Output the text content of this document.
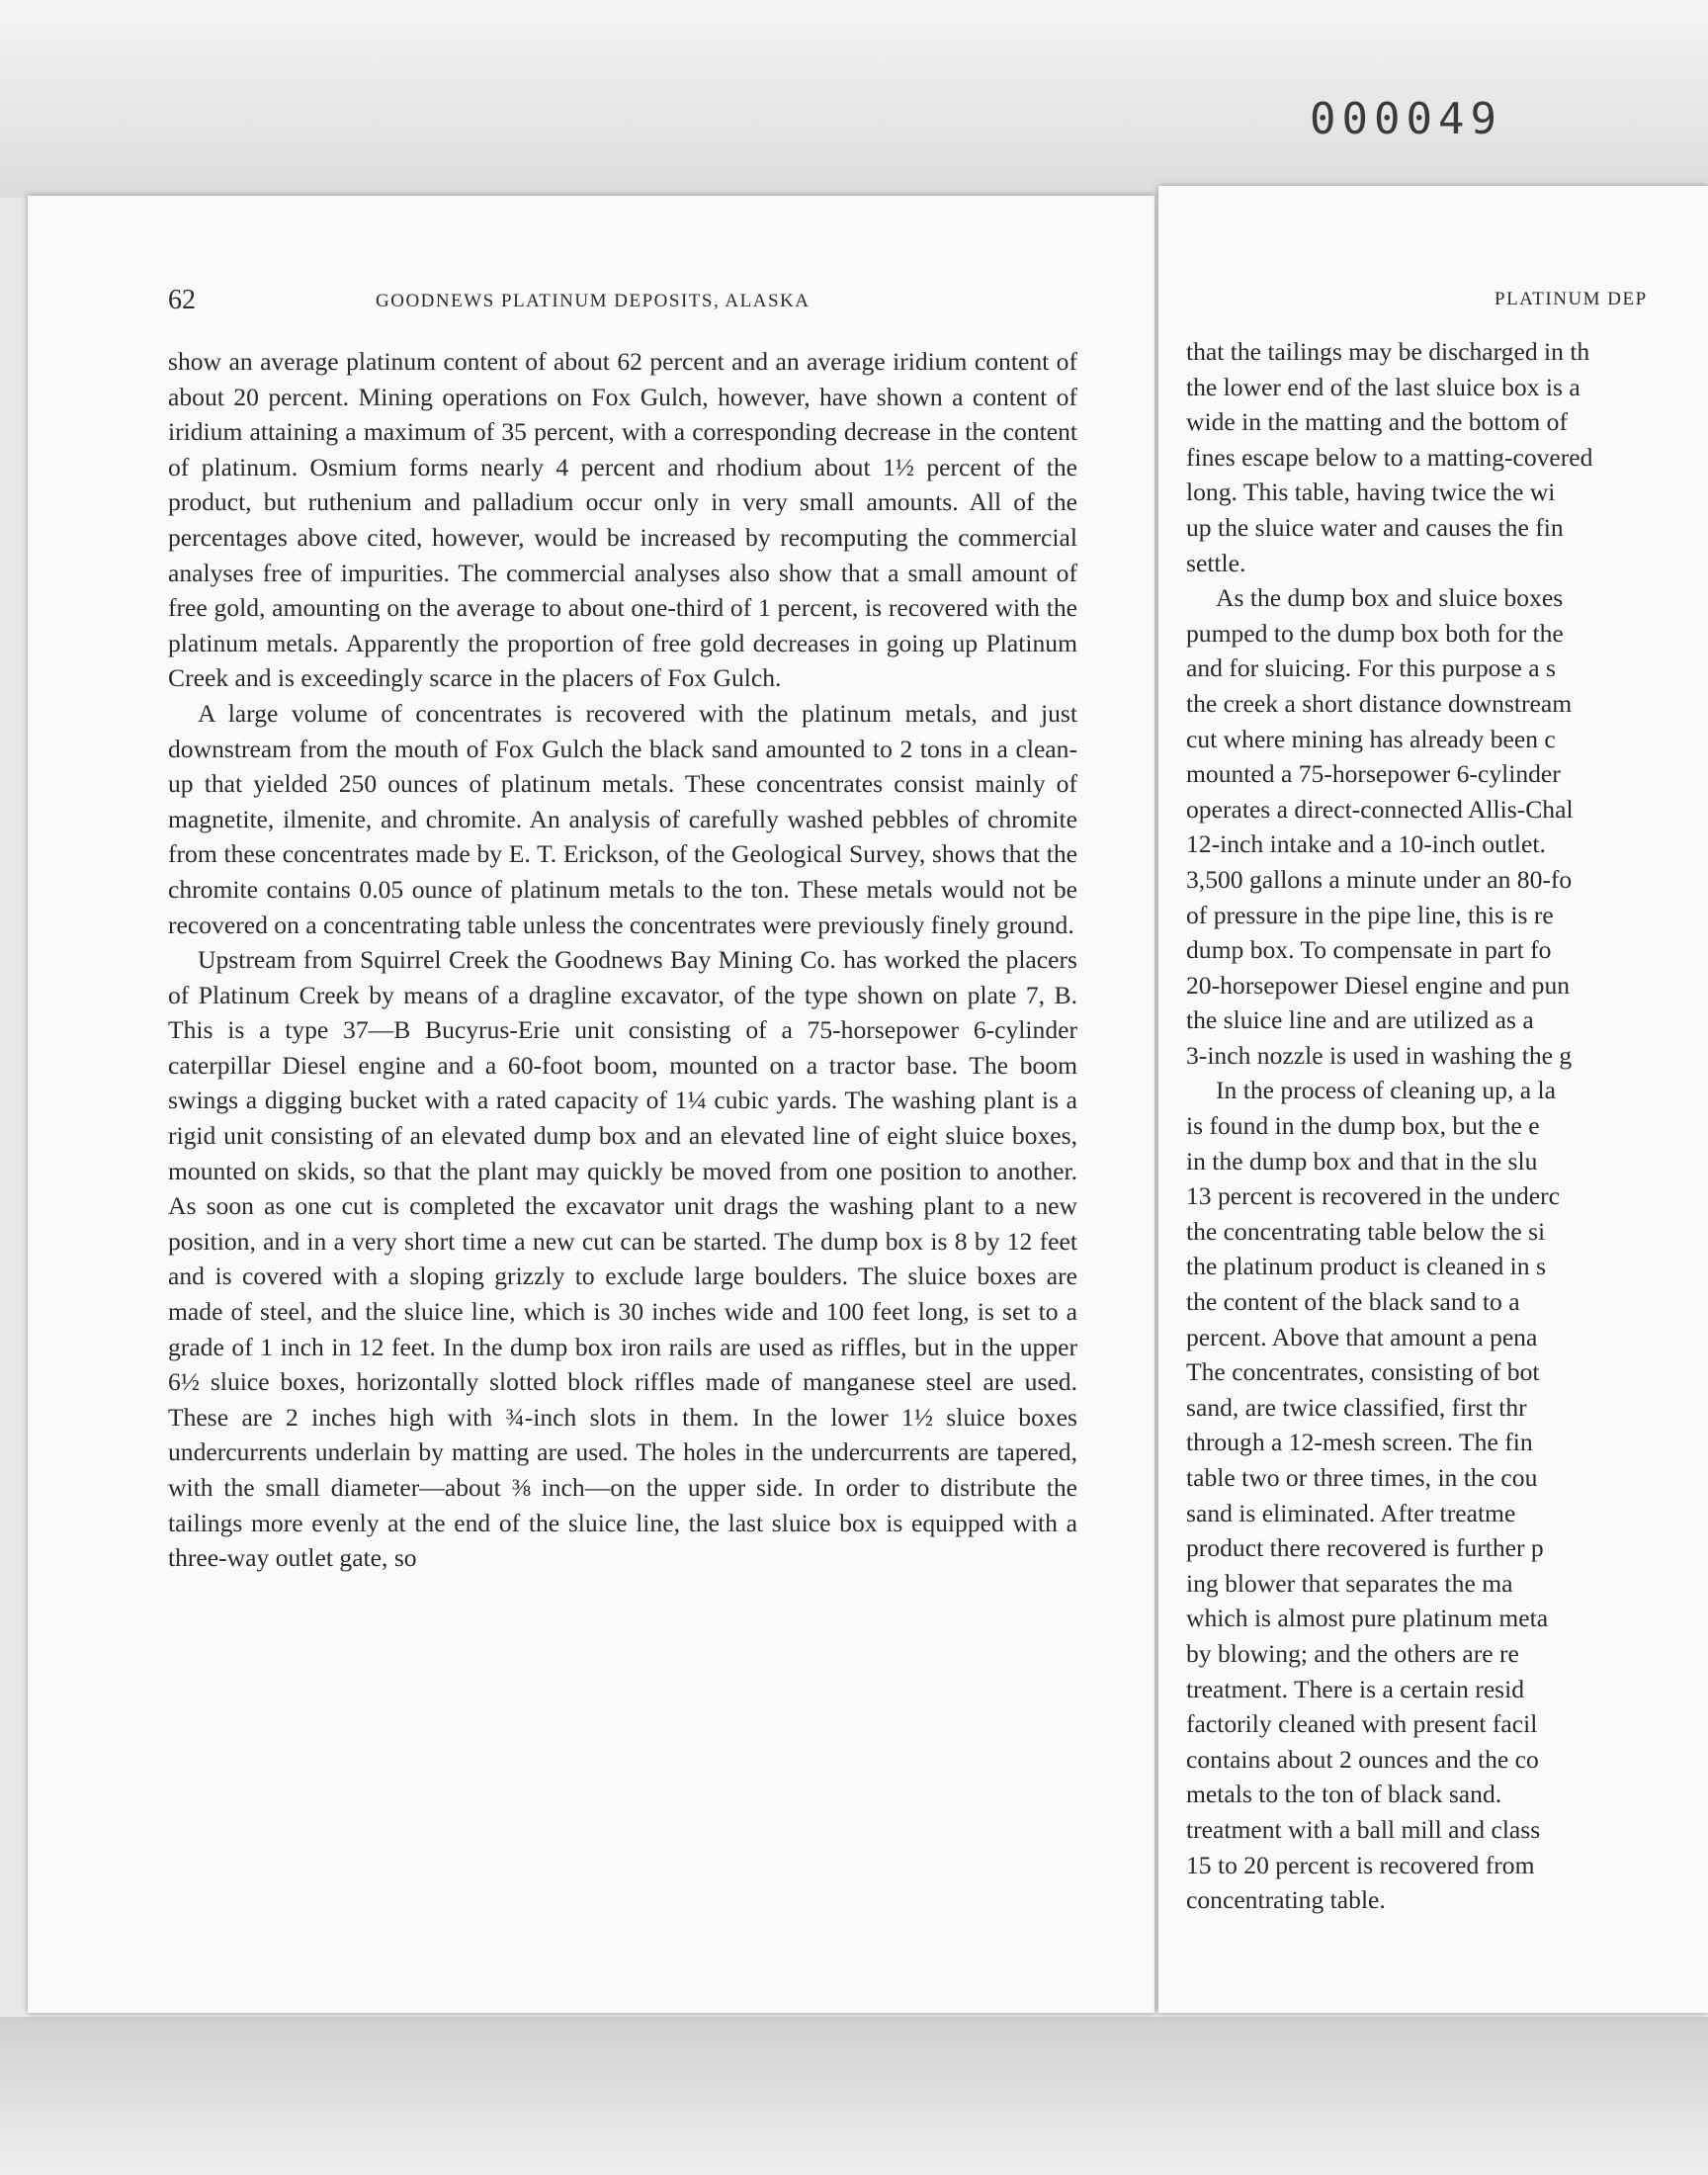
000049
62	GOODNEWS PLATINUM DEPOSITS, ALASKA

show an average platinum content of about 62 percent and an average iridium content of about 20 percent. Mining operations on Fox Gulch, however, have shown a content of iridium attaining a maximum of 35 percent, with a corresponding decrease in the content of platinum. Osmium forms nearly 4 percent and rhodium about 1½ percent of the product, but ruthenium and palladium occur only in very small amounts. All of the percentages above cited, however, would be increased by recomputing the commercial analyses free of impurities. The commercial analyses also show that a small amount of free gold, amounting on the average to about one-third of 1 percent, is recovered with the platinum metals. Apparently the proportion of free gold decreases in going up Platinum Creek and is exceedingly scarce in the placers of Fox Gulch.

A large volume of concentrates is recovered with the platinum metals, and just downstream from the mouth of Fox Gulch the black sand amounted to 2 tons in a clean-up that yielded 250 ounces of platinum metals. These concentrates consist mainly of magnetite, ilmenite, and chromite. An analysis of carefully washed pebbles of chromite from these concentrates made by E. T. Erickson, of the Geological Survey, shows that the chromite contains 0.05 ounce of platinum metals to the ton. These metals would not be recovered on a concentrating table unless the concentrates were previously finely ground.

Upstream from Squirrel Creek the Goodnews Bay Mining Co. has worked the placers of Platinum Creek by means of a dragline excavator, of the type shown on plate 7, B. This is a type 37—B Bucyrus-Erie unit consisting of a 75-horsepower 6-cylinder caterpillar Diesel engine and a 60-foot boom, mounted on a tractor base. The boom swings a digging bucket with a rated capacity of 1¼ cubic yards. The washing plant is a rigid unit consisting of an elevated dump box and an elevated line of eight sluice boxes, mounted on skids, so that the plant may quickly be moved from one position to another. As soon as one cut is completed the excavator unit drags the washing plant to a new position, and in a very short time a new cut can be started. The dump box is 8 by 12 feet and is covered with a sloping grizzly to exclude large boulders. The sluice boxes are made of steel, and the sluice line, which is 30 inches wide and 100 feet long, is set to a grade of 1 inch in 12 feet. In the dump box iron rails are used as riffles, but in the upper 6½ sluice boxes, horizontally slotted block riffles made of manganese steel are used. These are 2 inches high with ¾-inch slots in them. In the lower 1½ sluice boxes undercurrents underlain by matting are used. The holes in the undercurrents are tapered, with the small diameter—about ⅜ inch—on the upper side. In order to distribute the tailings more evenly at the end of the sluice line, the last sluice box is equipped with a three-way outlet gate, so

PLATINUM DEP
that the tailings may be discharged in th
the lower end of the last sluice box is a
wide in the matting and the bottom of
fines escape below to a matting-covered
long. This table, having twice the wi
up the sluice water and causes the fin
settle.
As the dump box and sluice boxes
pumped to the dump box both for the
and for sluicing. For this purpose a s
the creek a short distance downstream
cut where mining has already been c
mounted a 75-horsepower 6-cylinder
operates a direct-connected Allis-Chal
12-inch intake and a 10-inch outlet.
3,500 gallons a minute under an 80-fo
of pressure in the pipe line, this is re
dump box. To compensate in part fo
20-horsepower Diesel engine and pun
the sluice line and are utilized as a
3-inch nozzle is used in washing the g
In the process of cleaning up, a la
is found in the dump box, but the e
in the dump box and that in the slu
13 percent is recovered in the underc
the concentrating table below the si
the platinum product is cleaned in s
the content of the black sand to a
percent. Above that amount a pena
The concentrates, consisting of bot
sand, are twice classified, first thr
through a 12-mesh screen. The fin
table two or three times, in the cou
sand is eliminated. After treatme
product there recovered is further p
ing blower that separates the ma
which is almost pure platinum meta
by blowing; and the others are re
treatment. There is a certain resid
factorily cleaned with present facil
contains about 2 ounces and the co
metals to the ton of black sand.
treatment with a ball mill and class
15 to 20 percent is recovered from
concentrating table.
